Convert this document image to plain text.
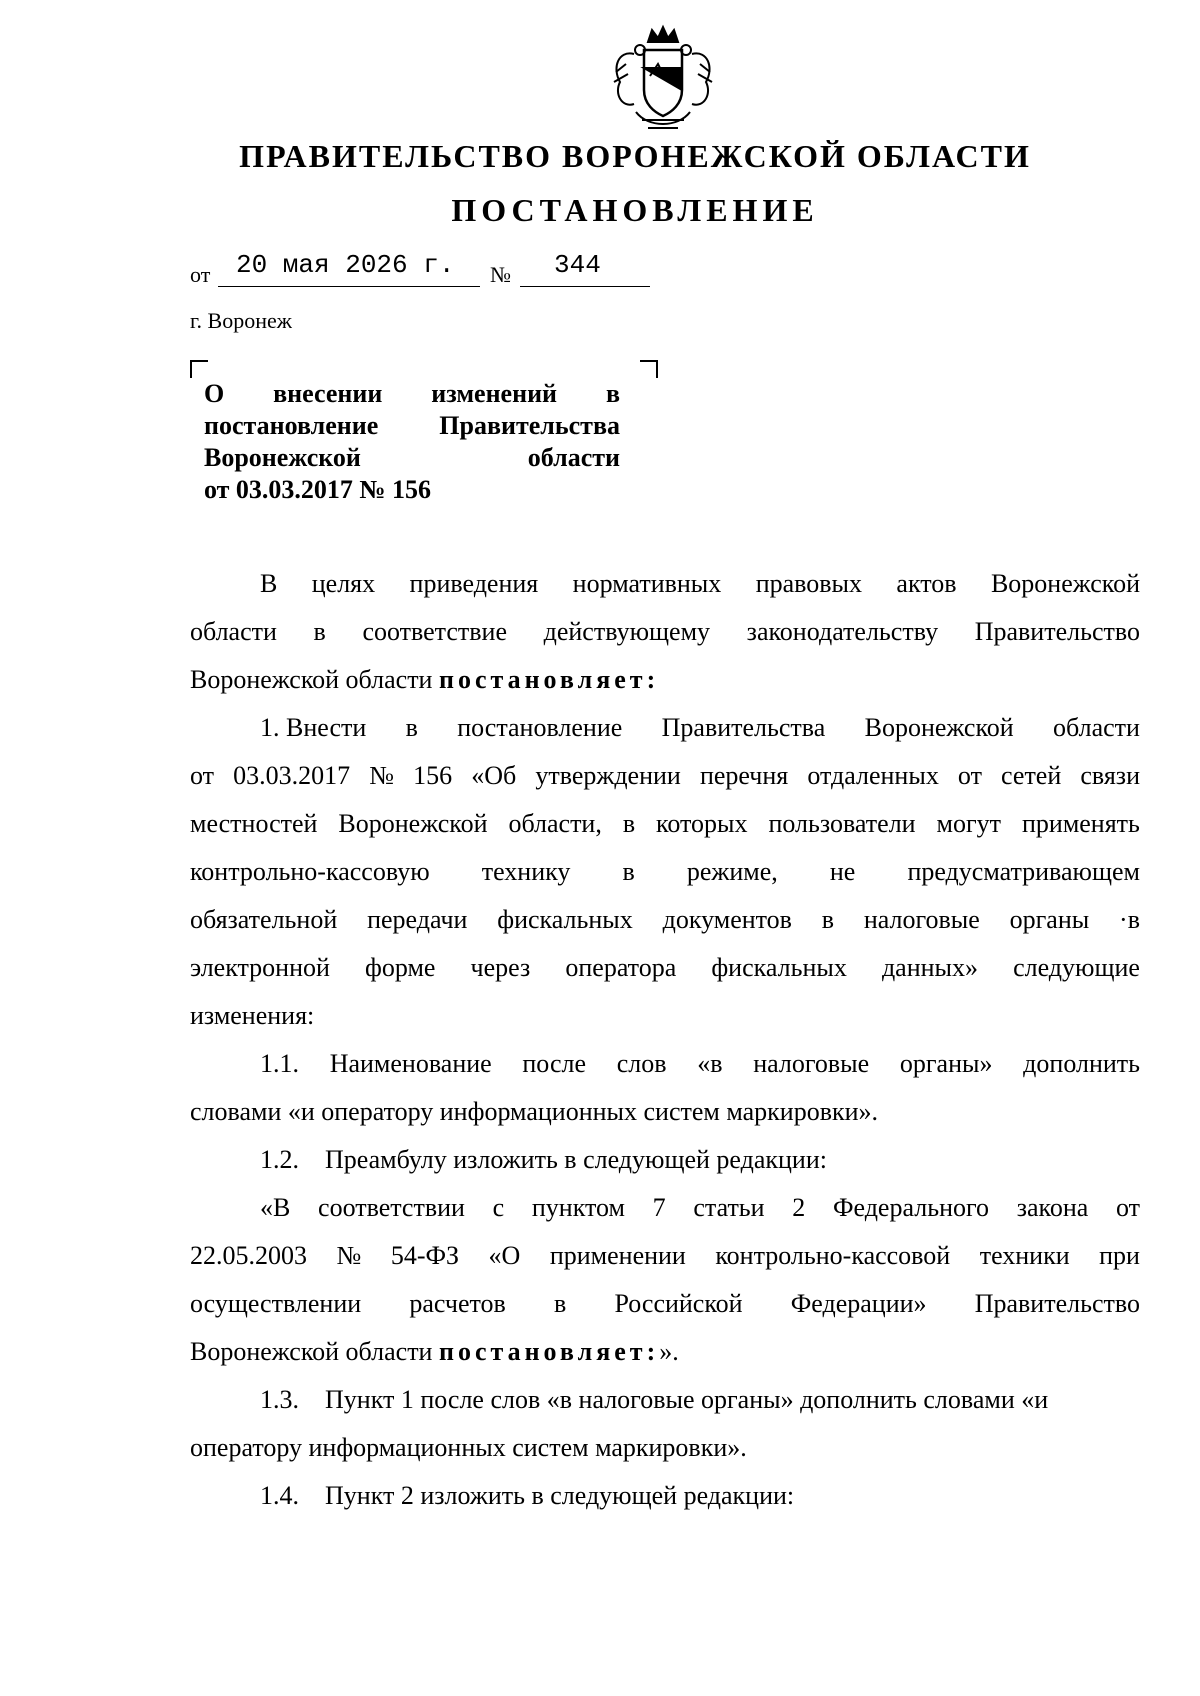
ПРАВИТЕЛЬСТВО ВОРОНЕЖСКОЙ ОБЛАСТИ
ПОСТАНОВЛЕНИЕ
от 20 мая 2026 г. № 344
г. Воронеж
О внесении изменений в
постановление Правительства
Воронежской	области
от 03.03.2017 № 156
В целях приведения нормативных правовых актов Воронежской
области в соответствие действующему законодательству Правительство
Воронежской области постановляет:
1. Внести в постановление Правительства Воронежской области
от 03.03.2017 № 156 «Об утверждении перечня отдаленных от сетей связи
местностей Воронежской области, в которых пользователи могут применять
контрольно-кассовую технику в режиме, не предусматривающем
обязательной передачи фискальных документов в налоговые органы ·в
электронной форме через оператора фискальных данных» следующие
изменения:
1.1. Наименование после слов «в налоговые органы» дополнить
словами «и оператору информационных систем маркировки».
1.2.    Преамбулу изложить в следующей редакции:
«В соответствии с пунктом 7 статьи 2 Федерального закона от
22.05.2003 № 54-ФЗ «О применении контрольно-кассовой техники при
осуществлении расчетов в Российской Федерации» Правительство
Воронежской области постановляет:».
1.3.    Пункт 1 после слов «в налоговые органы» дополнить словами «и
оператору информационных систем маркировки».
1.4.    Пункт 2 изложить в следующей редакции:
